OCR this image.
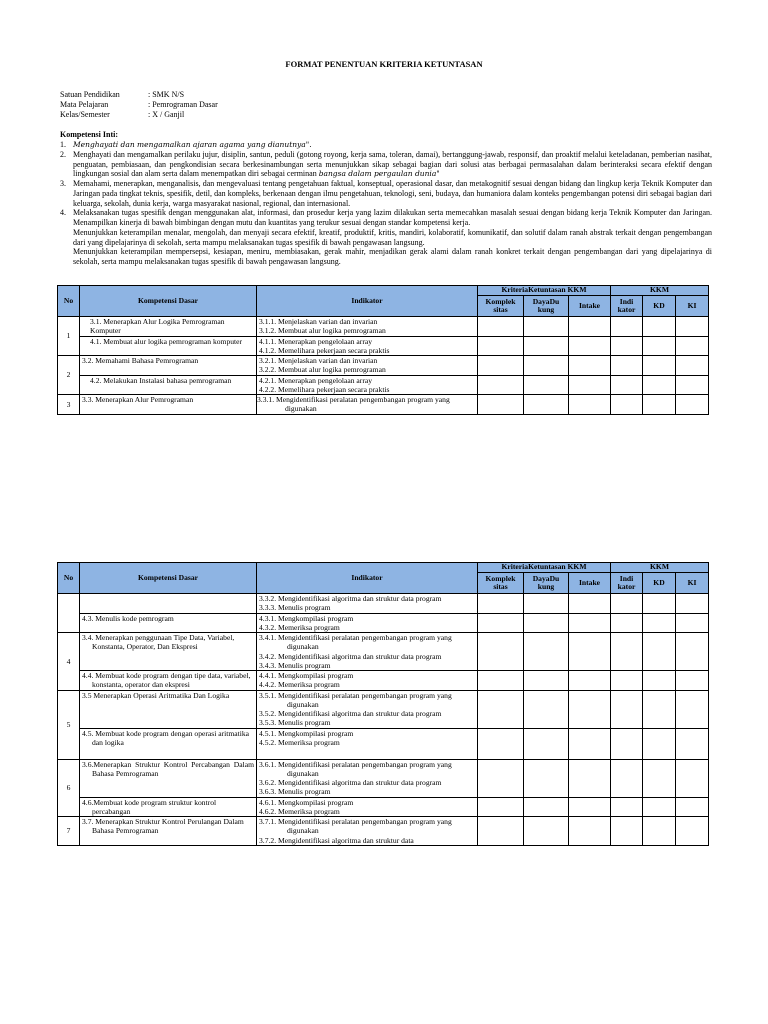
FORMAT PENENTUAN KRITERIA KETUNTASAN
Satuan Pendidikan	: SMK N/S
Mata Pelajaran	: Pemrograman Dasar
Kelas/Semester	: X / Ganjil
Kompetensi Inti:
1. Menghayati dan mengamalkan ajaran agama yang dianutnya".
2. Menghayati dan mengamalkan perilaku jujur, disiplin, santun, peduli (gotong royong, kerja sama, toleran, damai), bertanggung-jawab, responsif, dan proaktif melalui keteladanan, pemberian nasihat, penguatan, pembiasaan, dan pengkondisian secara berkesinambungan serta menunjukkan sikap sebagai bagian dari solusi atas berbagai permasalahan dalam berinteraksi secara efektif dengan lingkungan sosial dan alam serta dalam menempatkan diri sebagai cerminan bangsa dalam pergaulan dunia"
3. Memahami, menerapkan, menganalisis, dan mengevaluasi tentang pengetahuan faktual, konseptual, operasional dasar, dan metakognitif sesuai dengan bidang dan lingkup kerja Teknik Komputer dan Jaringan pada tingkat teknis, spesifik, detil, dan kompleks, berkenaan dengan ilmu pengetahuan, teknologi, seni, budaya, dan humaniora dalam konteks pengembangan potensi diri sebagai bagian dari keluarga, sekolah, dunia kerja, warga masyarakat nasional, regional, dan internasional.
4. Melaksanakan tugas spesifik dengan menggunakan alat, informasi, dan prosedur kerja yang lazim dilakukan serta memecahkan masalah sesuai dengan bidang kerja Teknik Komputer dan Jaringan. Menampilkan kinerja di bawah bimbingan dengan mutu dan kuantitas yang terukur sesuai dengan standar kompetensi kerja.
Menunjukkan keterampilan menalar, mengolah, dan menyaji secara efektif, kreatif, produktif, kritis, mandiri, kolaboratif, komunikatif, dan solutif dalam ranah abstrak terkait dengan pengembangan dari yang dipelajarinya di sekolah, serta mampu melaksanakan tugas spesifik di bawah pengawasan langsung.
Menunjukkan keterampilan mempersepsi, kesiapan, meniru, membiasakan, gerak mahir, menjadikan gerak alami dalam ranah konkret terkait dengan pengembangan dari yang dipelajarinya di sekolah, serta mampu melaksanakan tugas spesifik di bawah pengawasan langsung.
No	Kompetensi Dasar	Indikator	KriteriaKetuntasan KKM			KKM		
			Komplek sitas	DayaDu kung	Intake	Indi kator	KD	KI
1	3.1. Menerapkan Alur Logika Pemrograman Komputer	3.1.1. Menjelaskan varian dan invarian
3.1.2. Membuat alur logika pemrograman						

	4.1. Membuat alur logika pemrograman komputer	4.1.1. Menerapkan pengelolaan array
4.1.2. Memelihara pekerjaan secara praktis						

2	3.2. Memahami Bahasa Pemrograman	3.2.1. Menjelaskan varian dan invarian
3.2.2. Membuat alur logika pemrograman						

	4.2. Melakukan Instalasi bahasa pemrograman	4.2.1. Menerapkan pengelolaan array
4.2.2. Memelihara pekerjaan secara praktis						

3	3.3. Menerapkan Alur Pemrograman	3.3.1. Mengidentifikasi peralatan pengembangan program yang digunakan						
No	Kompetensi Dasar	Indikator	KriteriaKetuntasan KKM			KKM		
			Komplek sitas	DayaDu kung	Intake	Indi kator	KD	KI

		3.3.2. Mengidentifikasi algoritma dan struktur data program
3.3.3. Menulis program						

	4.3. Menulis kode pemrogram	4.3.1. Mengkompilasi program
4.3.2. Memeriksa program						

4	3.4. Menerapkan penggunaan Tipe Data, Variabel, Konstanta, Operator, Dan Ekspresi	3.4.1. Mengidentifikasi peralatan pengembangan program yang digunakan
3.4.2. Mengidentifikasi algoritma dan struktur data program
3.4.3. Menulis program						

	4.4. Membuat kode program dengan tipe data, variabel, konstanta, operator dan ekspresi	4.4.1. Mengkompilasi program
4.4.2. Memeriksa program						

5	3.5 Menerapkan Operasi Aritmatika Dan Logika	3.5.1. Mengidentifikasi peralatan pengembangan program yang digunakan
3.5.2. Mengidentifikasi algoritma dan struktur data program
3.5.3. Menulis program						

	4.5. Membuat kode program dengan operasi aritmatika dan logika	4.5.1. Mengkompilasi program
4.5.2. Memeriksa program						

6	3.6.Menerapkan Struktur Kontrol Percabangan Dalam Bahasa Pemrograman	3.6.1. Mengidentifikasi peralatan pengembangan program yang digunakan
3.6.2. Mengidentifikasi algoritma dan struktur data program
3.6.3. Menulis program						

	4.6.Membuat kode program struktur kontrol percabangan	4.6.1. Mengkompilasi program
4.6.2. Memeriksa program						

7	3.7. Menerapkan Struktur Kontrol Perulangan Dalam Bahasa Pemrograman	3.7.1. Mengidentifikasi peralatan pengembangan program yang digunakan
3.7.2. Mengidentifikasi algoritma dan struktur data						
